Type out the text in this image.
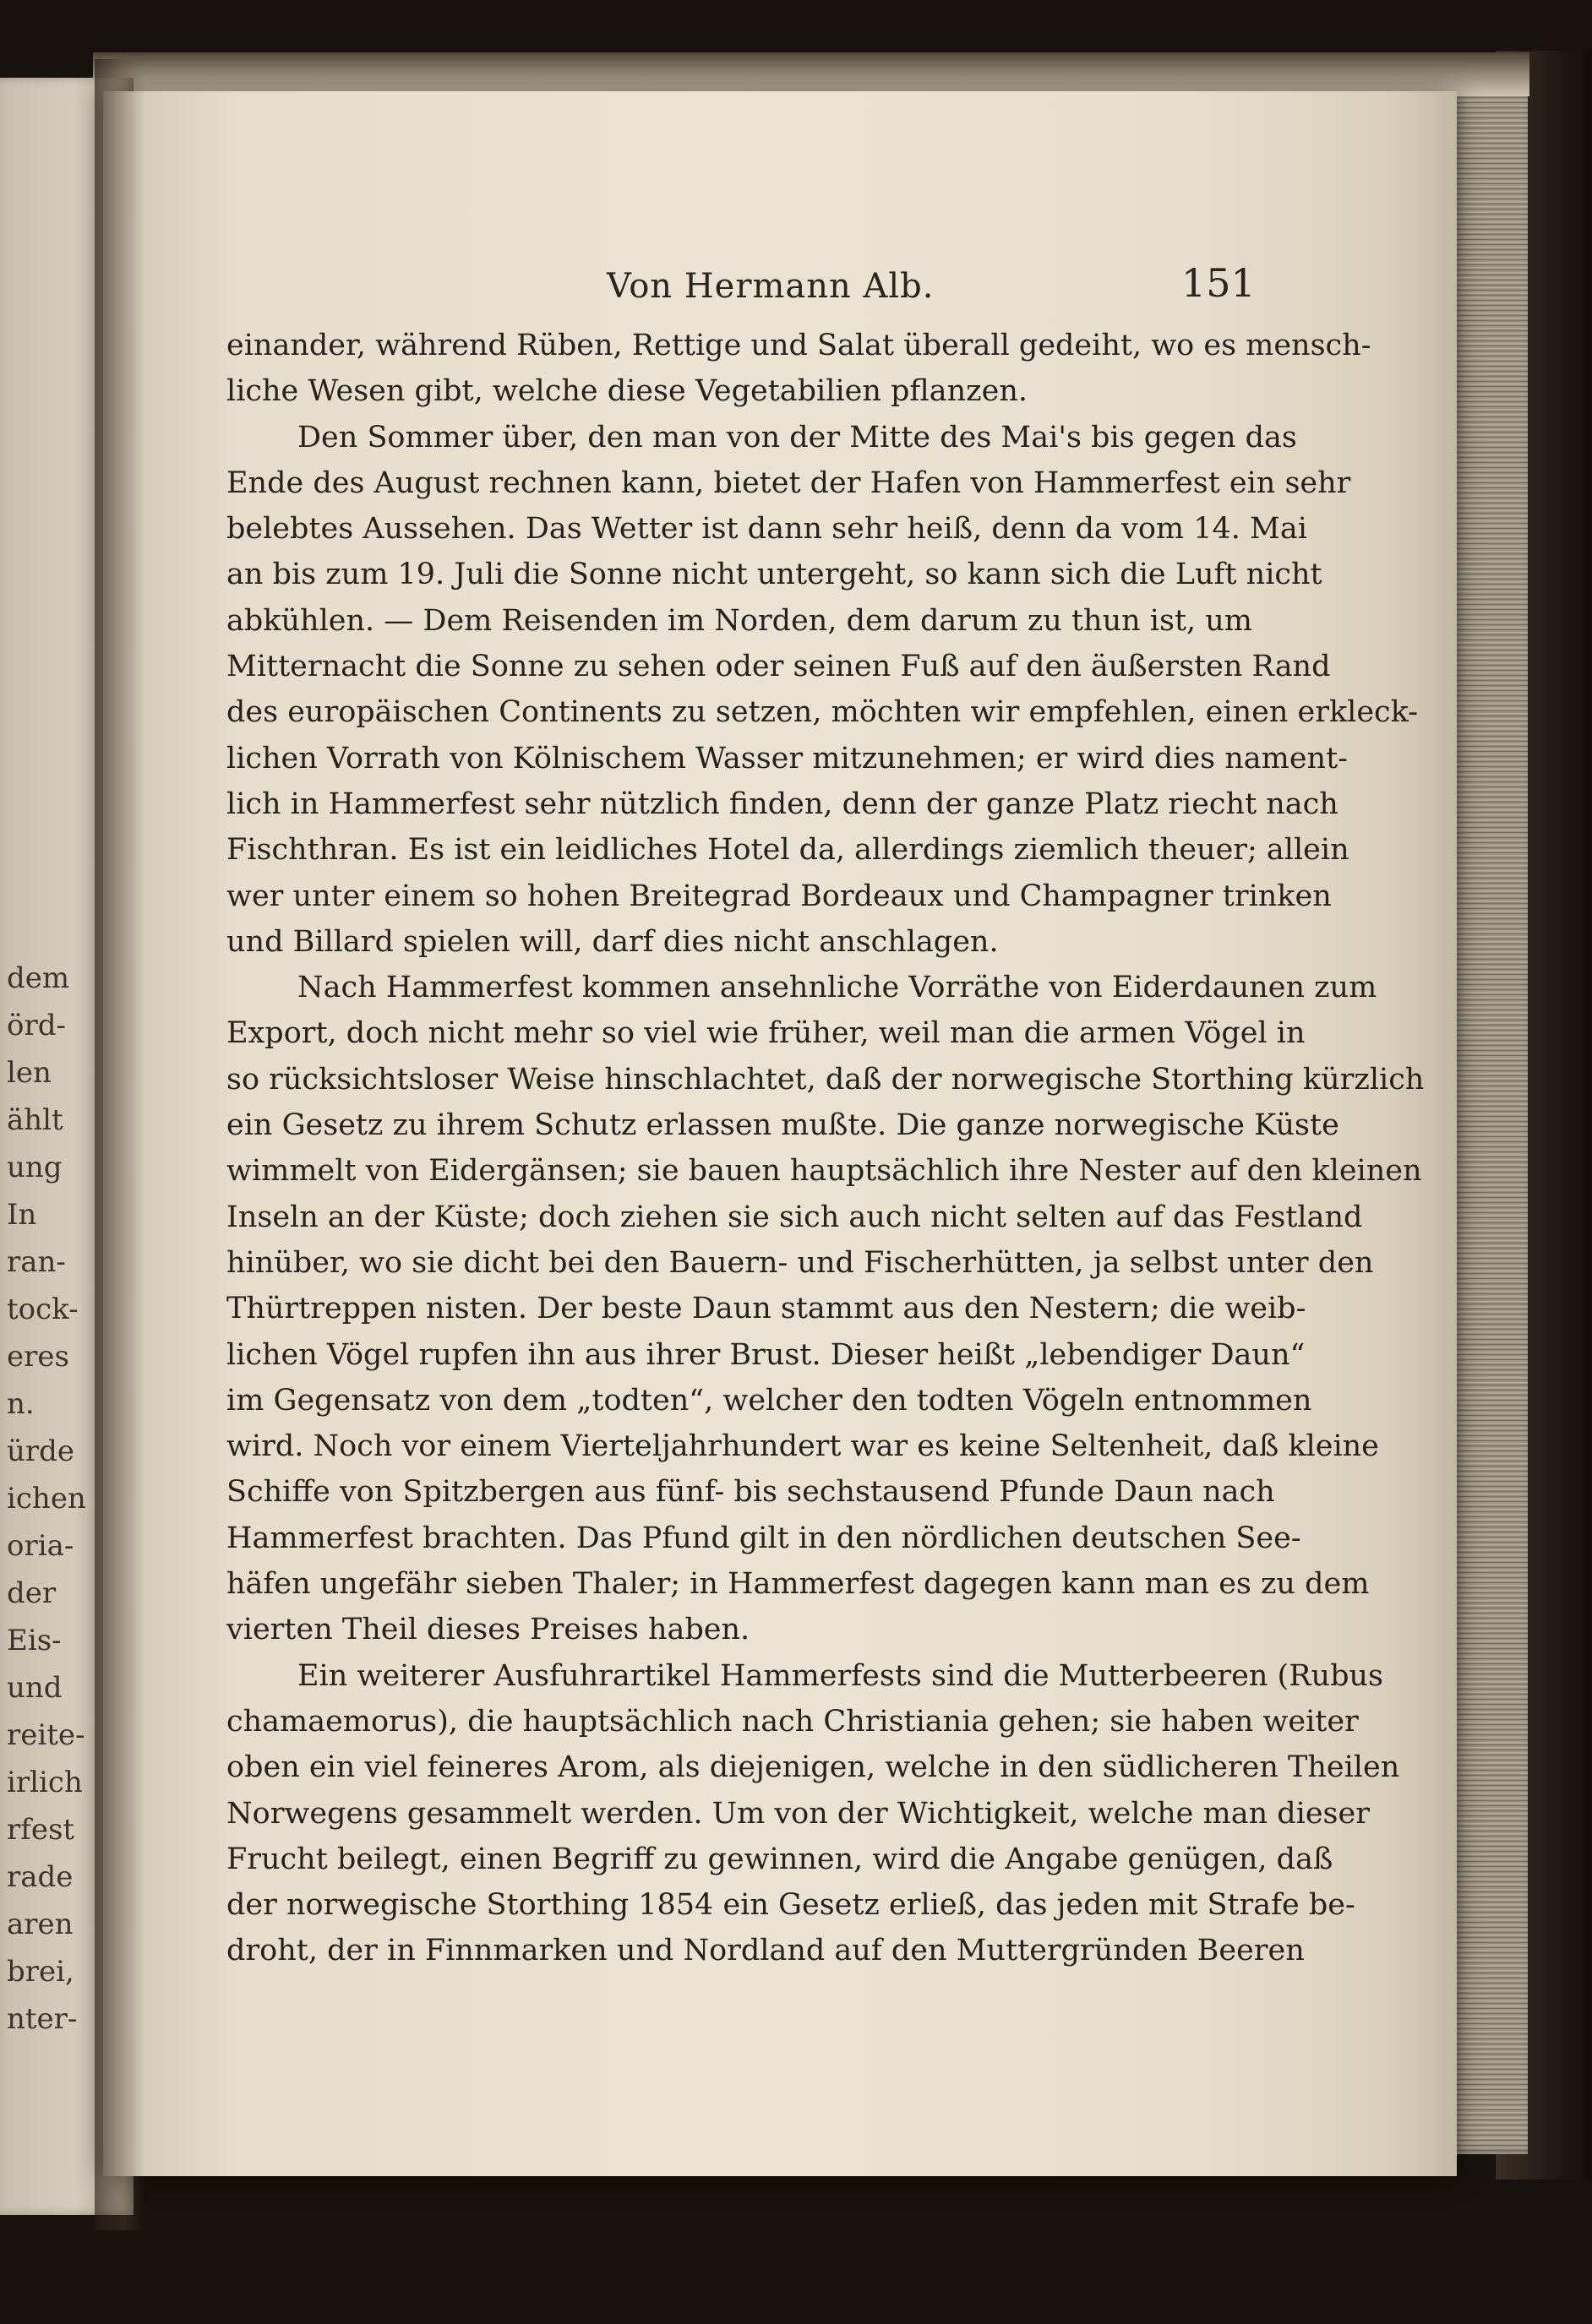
dem
örd-
len
ählt
ung
In
ran-
tock-
eres
n.
ürde
ichen
oria-
der
Eis-
und
reite-
irlich
rfest
rade
aren
brei,
nter-
Von Hermann Alb.	151
einander, während Rüben, Rettige und Salat überall gedeiht, wo es mensch-
liche Wesen gibt, welche diese Vegetabilien pflanzen.
Den Sommer über, den man von der Mitte des Mai's bis gegen das
Ende des August rechnen kann, bietet der Hafen von Hammerfest ein sehr
belebtes Aussehen. Das Wetter ist dann sehr heiß, denn da vom 14. Mai
an bis zum 19. Juli die Sonne nicht untergeht, so kann sich die Luft nicht
abkühlen. — Dem Reisenden im Norden, dem darum zu thun ist, um
Mitternacht die Sonne zu sehen oder seinen Fuß auf den äußersten Rand
des europäischen Continents zu setzen, möchten wir empfehlen, einen erkleck-
lichen Vorrath von Kölnischem Wasser mitzunehmen; er wird dies nament-
lich in Hammerfest sehr nützlich finden, denn der ganze Platz riecht nach
Fischthran. Es ist ein leidliches Hotel da, allerdings ziemlich theuer; allein
wer unter einem so hohen Breitegrad Bordeaux und Champagner trinken
und Billard spielen will, darf dies nicht anschlagen.
Nach Hammerfest kommen ansehnliche Vorräthe von Eiderdaunen zum
Export, doch nicht mehr so viel wie früher, weil man die armen Vögel in
so rücksichtsloser Weise hinschlachtet, daß der norwegische Storthing kürzlich
ein Gesetz zu ihrem Schutz erlassen mußte. Die ganze norwegische Küste
wimmelt von Eidergänsen; sie bauen hauptsächlich ihre Nester auf den kleinen
Inseln an der Küste; doch ziehen sie sich auch nicht selten auf das Festland
hinüber, wo sie dicht bei den Bauern- und Fischerhütten, ja selbst unter den
Thürtreppen nisten. Der beste Daun stammt aus den Nestern; die weib-
lichen Vögel rupfen ihn aus ihrer Brust. Dieser heißt „lebendiger Daun“
im Gegensatz von dem „todten“, welcher den todten Vögeln entnommen
wird. Noch vor einem Vierteljahrhundert war es keine Seltenheit, daß kleine
Schiffe von Spitzbergen aus fünf- bis sechstausend Pfunde Daun nach
Hammerfest brachten. Das Pfund gilt in den nördlichen deutschen See-
häfen ungefähr sieben Thaler; in Hammerfest dagegen kann man es zu dem
vierten Theil dieses Preises haben.
Ein weiterer Ausfuhrartikel Hammerfests sind die Mutterbeeren (Rubus
chamaemorus), die hauptsächlich nach Christiania gehen; sie haben weiter
oben ein viel feineres Arom, als diejenigen, welche in den südlicheren Theilen
Norwegens gesammelt werden. Um von der Wichtigkeit, welche man dieser
Frucht beilegt, einen Begriff zu gewinnen, wird die Angabe genügen, daß
der norwegische Storthing 1854 ein Gesetz erließ, das jeden mit Strafe be-
droht, der in Finnmarken und Nordland auf den Muttergründen Beeren
